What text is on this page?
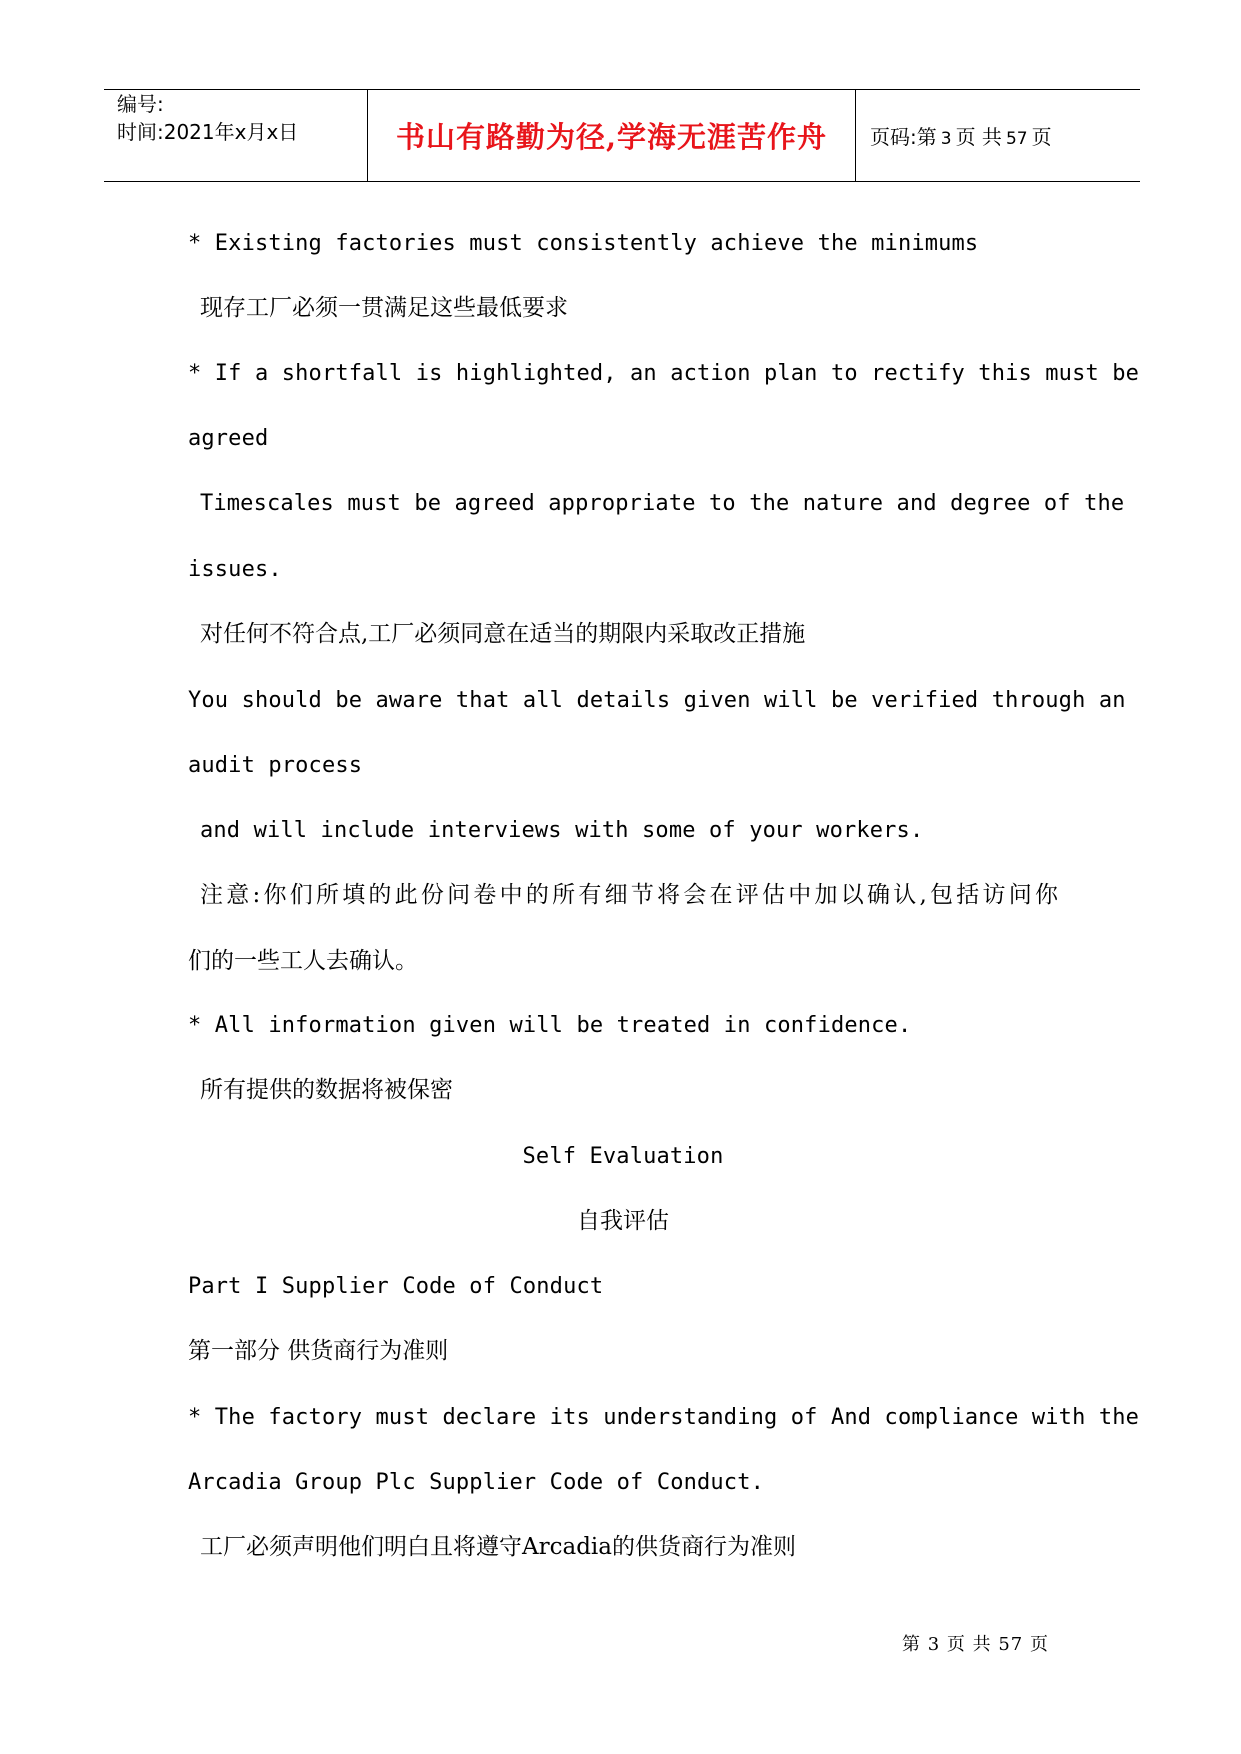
编号:
时间:2021年x月x日	书山有路勤为径,学海无涯苦作舟 页码:第 3 页 共 57 页
* Existing factories must consistently achieve the minimums
现存工厂必须一贯满足这些最低要求
* If a shortfall is highlighted, an action plan to rectify this must be
agreed
Timescales must be agreed appropriate to the nature and degree of the
issues.
对任何不符合点,工厂必须同意在适当的期限内采取改正措施
You should be aware that all details given will be verified through an
audit process
and will include interviews with some of your workers.
注意:你们所填的此份问卷中的所有细节将会在评估中加以确认,包括访问你
们的一些工人去确认。
* All information given will be treated in confidence.
所有提供的数据将被保密
Self Evaluation
自我评估
Part I Supplier Code of Conduct
第一部分 供货商行为准则
* The factory must declare its understanding of And compliance with the
Arcadia Group Plc Supplier Code of Conduct.
工厂必须声明他们明白且将遵守Arcadia的供货商行为准则
第 3 页 共 57 页
